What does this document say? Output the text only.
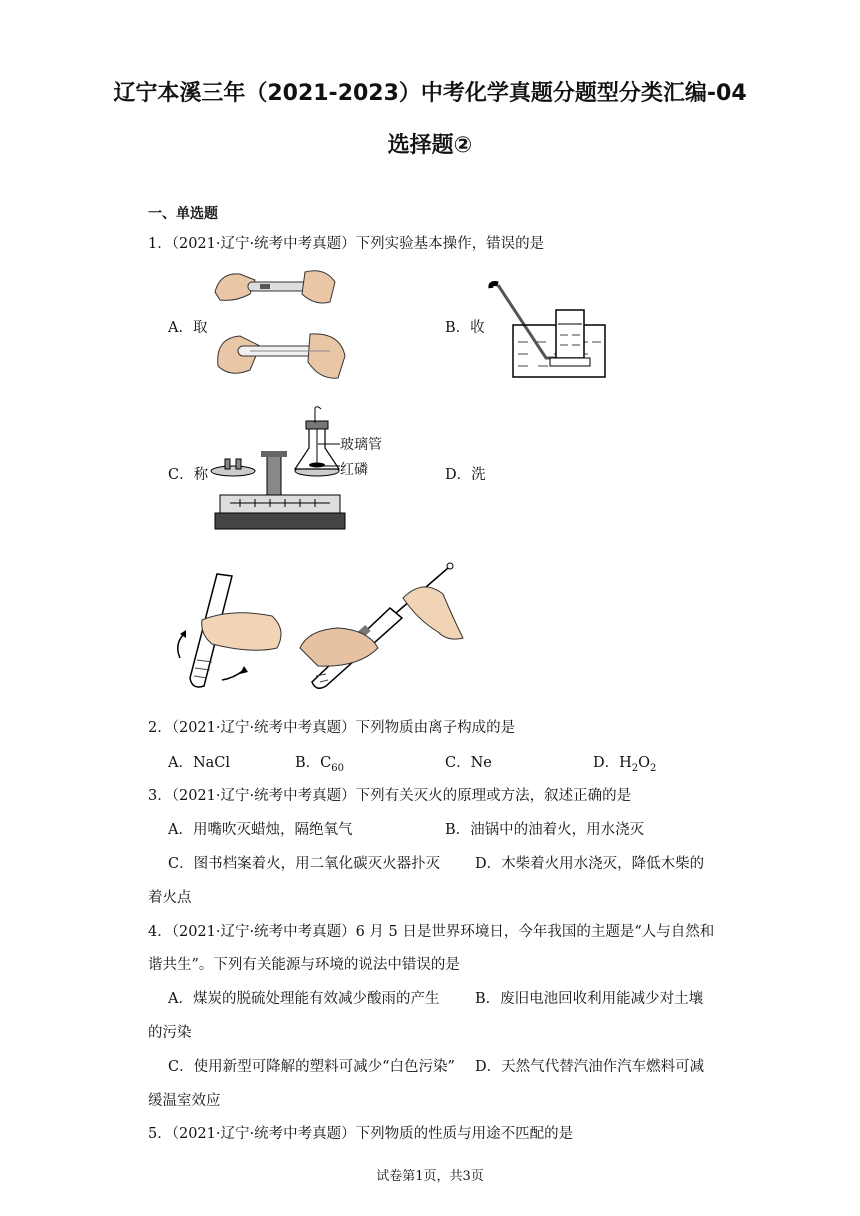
辽宁本溪三年（2021-2023）中考化学真题分题型分类汇编-04
选择题②
一、单选题
1．（2021·辽宁·统考中考真题）下列实验基本操作，错误的是
A．取	B．收
C．称
玻璃管
红磷	D．洗
2．（2021·辽宁·统考中考真题）下列物质由离子构成的是
A．NaCl	B．$C_{60}$	C．Ne	D．$H_2O_2$
3．（2021·辽宁·统考中考真题）下列有关灭火的原理或方法，叙述正确的是
A．用嘴吹灭蜡烛，隔绝氧气	B．油锅中的油着火，用水浇灭
C．图书档案着火，用二氧化碳灭火器扑灭 D．木柴着火用水浇灭，降低木柴的
着火点
4．（2021·辽宁·统考中考真题）6 月 5 日是世界环境日，今年我国的主题是“人与自然和
谐共生”。下列有关能源与环境的说法中错误的是
A．煤炭的脱硫处理能有效减少酸雨的产生 B．废旧电池回收利用能减少对土壤
的污染
C．使用新型可降解的塑料可减少“白色污染” D．天然气代替汽油作汽车燃料可减
缓温室效应
5．（2021·辽宁·统考中考真题）下列物质的性质与用途不匹配的是
试卷第1页，共3页
